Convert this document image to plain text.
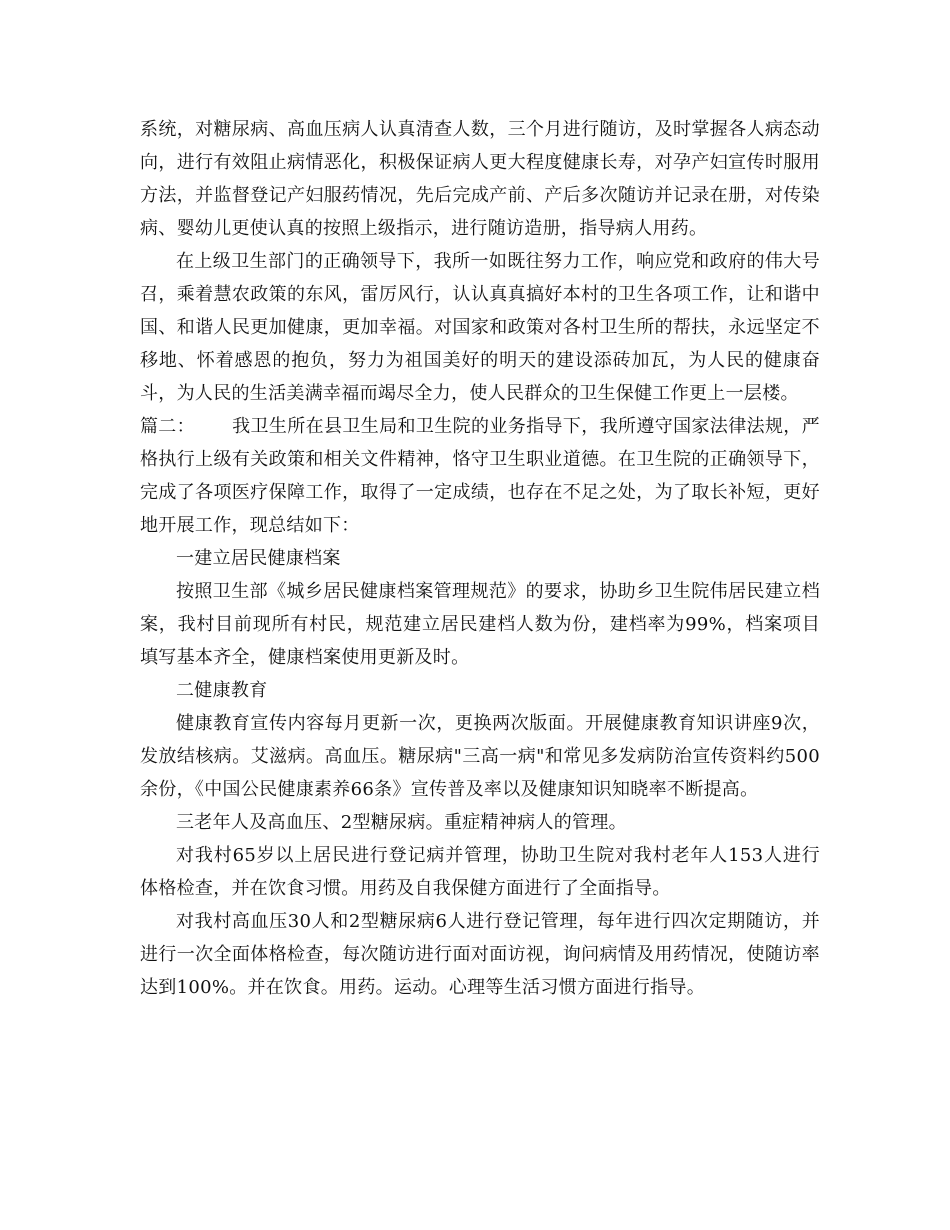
系统，对糖尿病、高血压病人认真清查人数，三个月进行随访，及时掌握各人病态动向，进行有效阻止病情恶化，积极保证病人更大程度健康长寿，对孕产妇宣传时服用方法，并监督登记产妇服药情况，先后完成产前、产后多次随访并记录在册，对传染病、婴幼儿更使认真的按照上级指示，进行随访造册，指导病人用药。

在上级卫生部门的正确领导下，我所一如既往努力工作，响应党和政府的伟大号召，乘着慧农政策的东风，雷厉风行，认认真真搞好本村的卫生各项工作，让和谐中国、和谐人民更加健康，更加幸福。对国家和政策对各村卫生所的帮扶，永远坚定不移地、怀着感恩的抱负，努力为祖国美好的明天的建设添砖加瓦，为人民的健康奋斗，为人民的生活美满幸福而竭尽全力，使人民群众的卫生保健工作更上一层楼。

篇二： 我卫生所在县卫生局和卫生院的业务指导下，我所遵守国家法律法规，严格执行上级有关政策和相关文件精神，恪守卫生职业道德。在卫生院的正确领导下，完成了各项医疗保障工作，取得了一定成绩，也存在不足之处，为了取长补短，更好地开展工作，现总结如下：

一建立居民健康档案

按照卫生部《城乡居民健康档案管理规范》的要求，协助乡卫生院伟居民建立档案，我村目前现所有村民，规范建立居民建档人数为份，建档率为99%，档案项目填写基本齐全，健康档案使用更新及时。

二健康教育

健康教育宣传内容每月更新一次，更换两次版面。开展健康教育知识讲座9次，发放结核病。艾滋病。高血压。糖尿病"三高一病"和常见多发病防治宣传资料约500余份，《中国公民健康素养66条》宣传普及率以及健康知识知晓率不断提高。

三老年人及高血压、2型糖尿病。重症精神病人的管理。

对我村65岁以上居民进行登记病并管理，协助卫生院对我村老年人153人进行体格检查，并在饮食习惯。用药及自我保健方面进行了全面指导。

对我村高血压30人和2型糖尿病6人进行登记管理，每年进行四次定期随访，并进行一次全面体格检查，每次随访进行面对面访视，询问病情及用药情况，使随访率达到100%。并在饮食。用药。运动。心理等生活习惯方面进行指导。
